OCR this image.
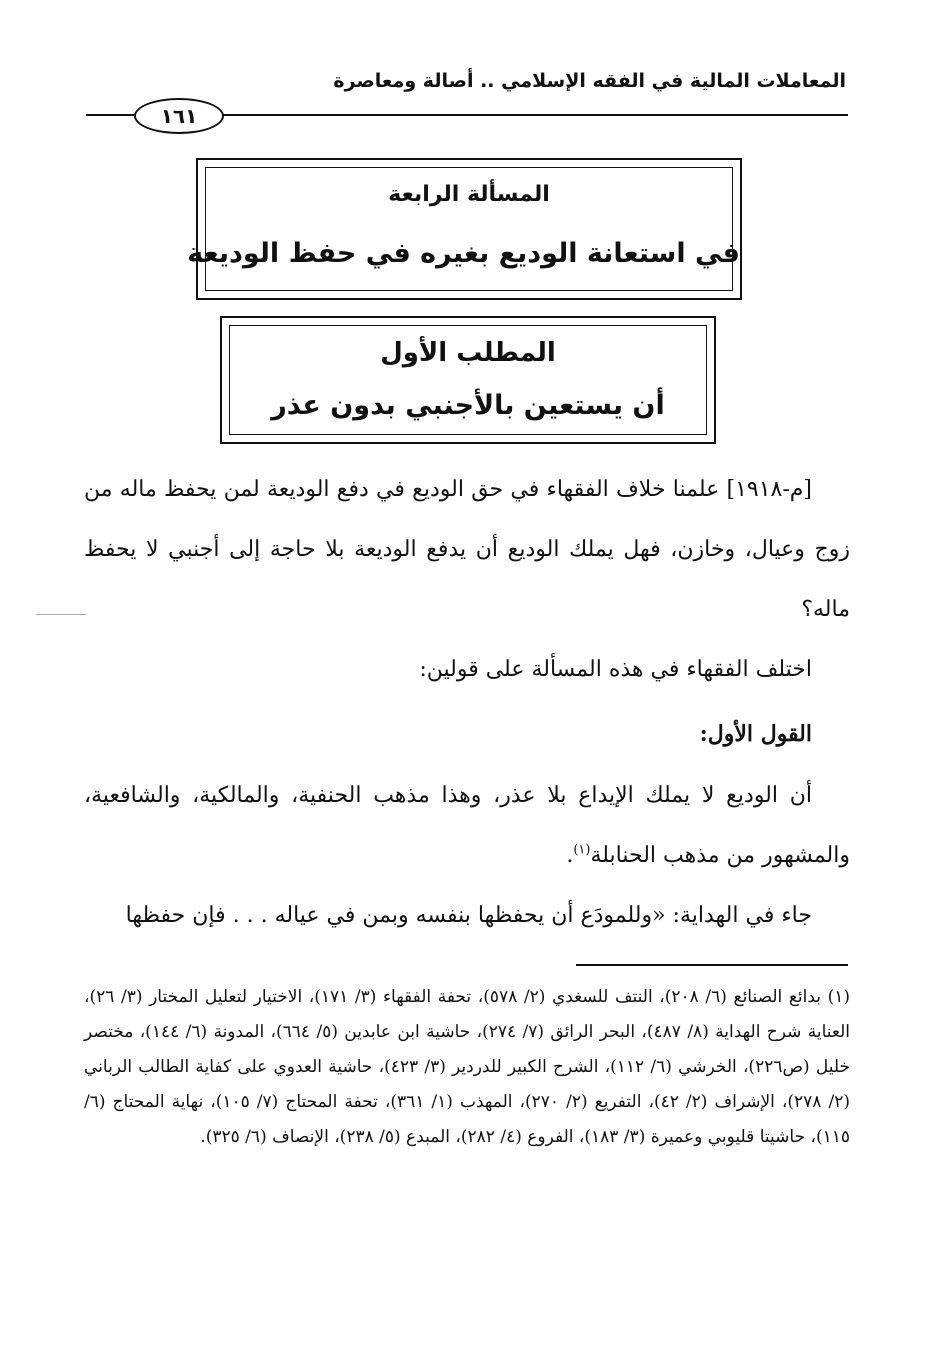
المعاملات المالية في الفقه الإسلامي .. أصالة ومعاصرة
١٦١
المسألة الرابعة
في استعانة الوديع بغيره في حفظ الوديعة
المطلب الأول
أن يستعين بالأجنبي بدون عذر
[م-١٩١٨] علمنا خلاف الفقهاء في حق الوديع في دفع الوديعة لمن يحفظ ماله من زوج وعيال، وخازن، فهل يملك الوديع أن يدفع الوديعة بلا حاجة إلى أجنبي لا يحفظ ماله؟
اختلف الفقهاء في هذه المسألة على قولين:
القول الأول:
أن الوديع لا يملك الإيداع بلا عذر، وهذا مذهب الحنفية، والمالكية، والشافعية، والمشهور من مذهب الحنابلة$^{(١)}$.
جاء في الهداية: «وللمودَع أن يحفظها بنفسه وبمن في عياله . . . فإن حفظها
(١) بدائع الصنائع (٦/ ٢٠٨)، النتف للسغدي (٢/ ٥٧٨)، تحفة الفقهاء (٣/ ١٧١)، الاختيار لتعليل المختار (٣/ ٢٦)، العناية شرح الهداية (٨/ ٤٨٧)، البحر الرائق (٧/ ٢٧٤)، حاشية ابن عابدين (٥/ ٦٦٤)، المدونة (٦/ ١٤٤)، مختصر خليل (ص٢٢٦)، الخرشي (٦/ ١١٢)، الشرح الكبير للدردير (٣/ ٤٢٣)، حاشية العدوي على كفاية الطالب الرباني (٢/ ٢٧٨)، الإشراف (٢/ ٤٢)، التفريع (٢/ ٢٧٠)، المهذب (١/ ٣٦١)، تحفة المحتاج (٧/ ١٠٥)، نهاية المحتاج (٦/ ١١٥)، حاشيتا قليوبي وعميرة (٣/ ١٨٣)، الفروع (٤/ ٢٨٢)، المبدع (٥/ ٢٣٨)، الإنصاف (٦/ ٣٢٥).
